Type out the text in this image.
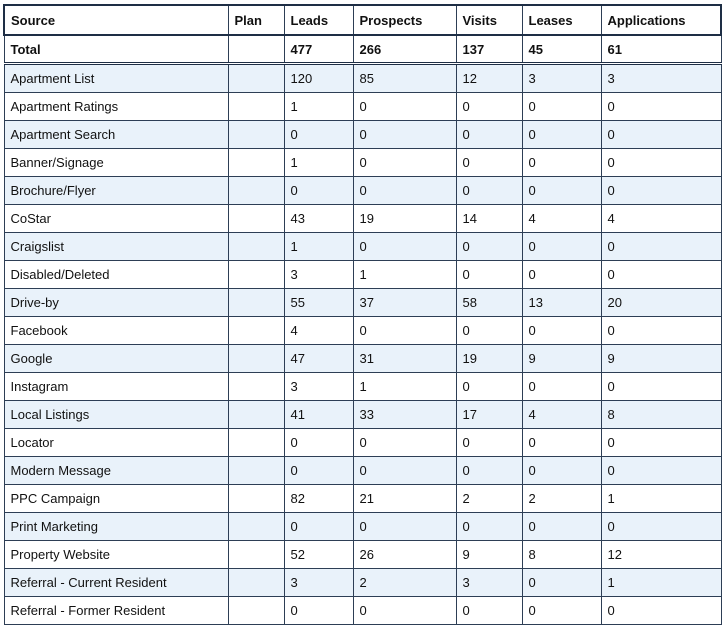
Source	Plan	Leads	Prospects	Visits	Leases	Applications
Total		477	266	137	45	61
Apartment List		120	85	12	3	3
Apartment Ratings		1	0	0	0	0
Apartment Search		0	0	0	0	0
Banner/Signage		1	0	0	0	0
Brochure/Flyer		0	0	0	0	0
CoStar		43	19	14	4	4
Craigslist		1	0	0	0	0
Disabled/Deleted		3	1	0	0	0
Drive-by		55	37	58	13	20
Facebook		4	0	0	0	0
Google		47	31	19	9	9
Instagram		3	1	0	0	0
Local Listings		41	33	17	4	8
Locator		0	0	0	0	0
Modern Message		0	0	0	0	0
PPC Campaign		82	21	2	2	1
Print Marketing		0	0	0	0	0
Property Website		52	26	9	8	12
Referral - Current Resident		3	2	3	0	1
Referral - Former Resident		0	0	0	0	0
